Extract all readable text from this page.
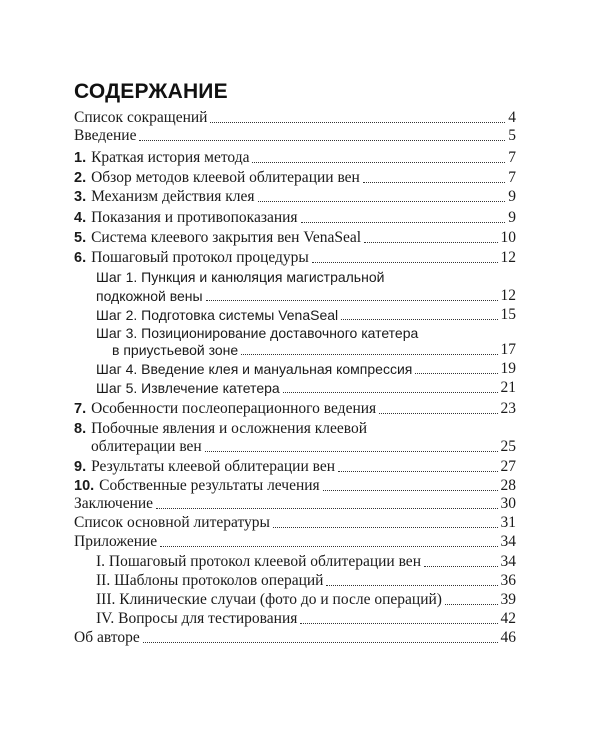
СОДЕРЖАНИЕ
Список сокращений	4
Введение	5
1. Краткая история метода	7
2. Обзор методов клеевой облитерации вен	7
3. Механизм действия клея	9
4. Показания и противопоказания	9
5. Система клеевого закрытия вен VenaSeal	10
6. Пошаговый протокол процедуры	12
Шаг 1. Пункция и канюляция магистральной
подкожной вены	12
Шаг 2. Подготовка системы VenaSeal	15
Шаг 3. Позиционирование доставочного катетера
в приустьевой зоне	17
Шаг 4. Введение клея и мануальная компрессия	19
Шаг 5. Извлечение катетера	21
7. Особенности послеоперационного ведения	23
8. Побочные явления и осложнения клеевой
облитерации вен	25
9. Результаты клеевой облитерации вен	27
10. Собственные результаты лечения	28
Заключение	30
Список основной литературы	31
Приложение	34
I. Пошаговый протокол клеевой облитерации вен	34
II. Шаблоны протоколов операций	36
III. Клинические случаи (фото до и после операций)	39
IV. Вопросы для тестирования	42
Об авторе	46
